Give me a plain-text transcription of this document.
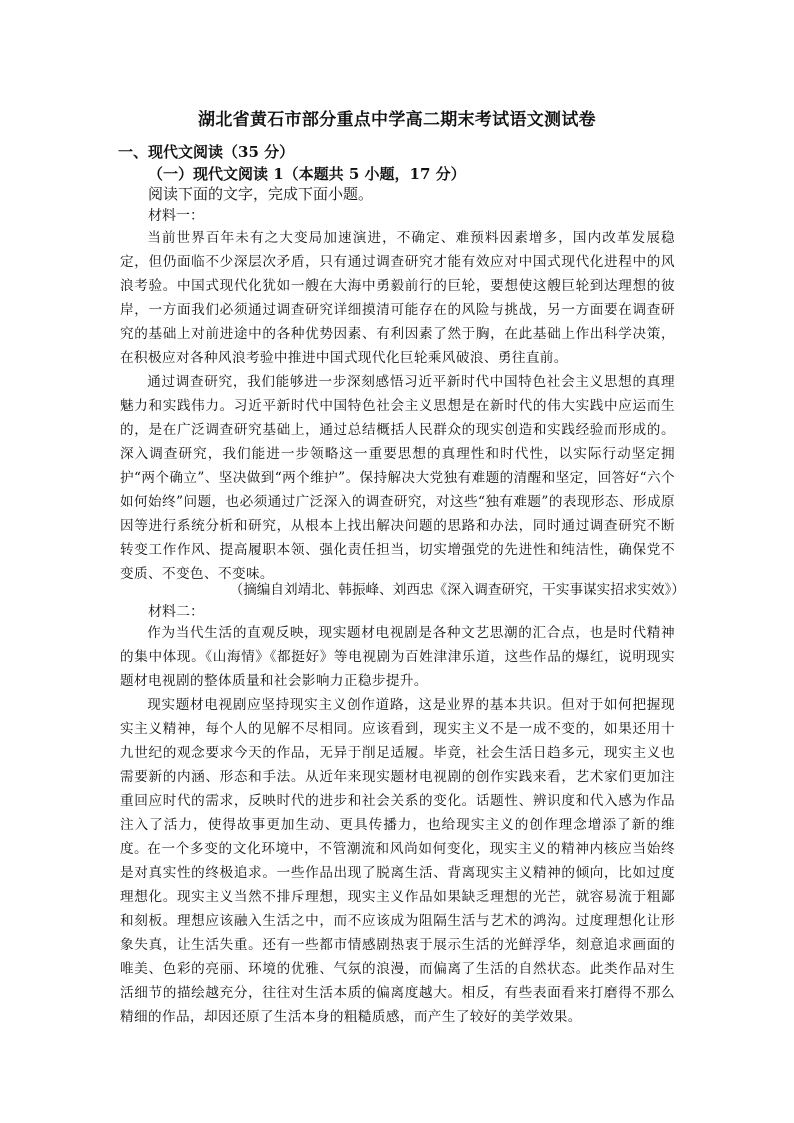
湖北省黄石市部分重点中学高二期末考试语文测试卷
一、现代文阅读（35 分）
（一）现代文阅读 1（本题共 5 小题，17 分）
阅读下面的文字，完成下面小题。
材料一：

当前世界百年未有之大变局加速演进，不确定、难预料因素增多，国内改革发展稳定，但仍面临不少深层次矛盾，只有通过调查研究才能有效应对中国式现代化进程中的风浪考验。中国式现代化犹如一艘在大海中勇毅前行的巨轮，要想使这艘巨轮到达理想的彼岸，一方面我们必须通过调查研究详细摸清可能存在的风险与挑战，另一方面要在调查研究的基础上对前进途中的各种优势因素、有利因素了然于胸，在此基础上作出科学决策，在积极应对各种风浪考验中推进中国式现代化巨轮乘风破浪、勇往直前。

通过调查研究，我们能够进一步深刻感悟习近平新时代中国特色社会主义思想的真理魅力和实践伟力。习近平新时代中国特色社会主义思想是在新时代的伟大实践中应运而生的，是在广泛调查研究基础上，通过总结概括人民群众的现实创造和实践经验而形成的。深入调查研究，我们能进一步领略这一重要思想的真理性和时代性，以实际行动坚定拥护“两个确立”、坚决做到“两个维护”。保持解决大党独有难题的清醒和坚定，回答好“六个如何始终”问题，也必须通过广泛深入的调查研究，对这些“独有难题”的表现形态、形成原因等进行系统分析和研究，从根本上找出解决问题的思路和办法，同时通过调查研究不断转变工作作风、提高履职本领、强化责任担当，切实增强党的先进性和纯洁性，确保党不变质、不变色、不变味。

（摘编自刘靖北、韩振峰、刘西忠《深入调查研究，干实事谋实招求实效》）
材料二：

作为当代生活的直观反映，现实题材电视剧是各种文艺思潮的汇合点，也是时代精神的集中体现。《山海情》《都挺好》等电视剧为百姓津津乐道，这些作品的爆红，说明现实题材电视剧的整体质量和社会影响力正稳步提升。

现实题材电视剧应坚持现实主义创作道路，这是业界的基本共识。但对于如何把握现实主义精神，每个人的见解不尽相同。应该看到，现实主义不是一成不变的，如果还用十九世纪的观念要求今天的作品，无异于削足适履。毕竟，社会生活日趋多元，现实主义也需要新的内涵、形态和手法。从近年来现实题材电视剧的创作实践来看，艺术家们更加注重回应时代的需求，反映时代的进步和社会关系的变化。话题性、辨识度和代入感为作品注入了活力，使得故事更加生动、更具传播力，也给现实主义的创作理念增添了新的维度。 在一个多变的文化环境中，不管潮流和风尚如何变化，现实主义的精神内核应当始终是对真实性的终极追求。一些作品出现了脱离生活、背离现实主义精神的倾向，比如过度理想化。现实主义当然不排斥理想，现实主义作品如果缺乏理想的光芒，就容易流于粗鄙和刻板。理想应该融入生活之中，而不应该成为阻隔生活与艺术的鸿沟。过度理想化让形象失真，让生活失重。还有一些都市情感剧热衷于展示生活的光鲜浮华，刻意追求画面的唯美、色彩的亮丽、环境的优雅、气氛的浪漫，而偏离了生活的自然状态。此类作品对生活细节的描绘越充分，往往对生活本质的偏离度越大。相反，有些表面看来打磨得不那么精细的作品，却因还原了生活本身的粗糙质感，而产生了较好的美学效果。
